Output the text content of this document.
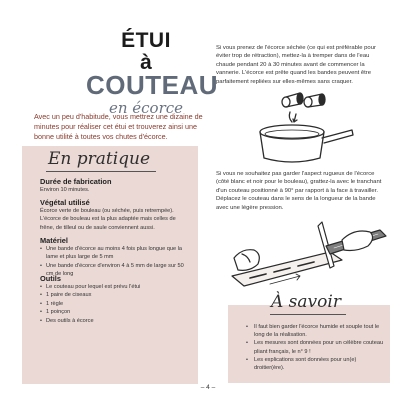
ÉTUI
à COUTEAU
en écorce
Avec un peu d'habitude, vous mettrez une dizaine de minutes pour réaliser cet étui et trouverez ainsi une bonne utilité à toutes vos chutes d'écorce.
En pratique
Durée de fabrication

Environ 10 minutes.

Végétal utilisé

Écorce verte de bouleau (ou séchée, puis retrempée). L'écorce de bouleau est la plus adaptée mais celles de frêne, de tilleul ou de saule conviennent aussi.

Matériel
• Une bande d'écorce au moins 4 fois plus longue que la lame et plus large de 5 mm
• Une bande d'écorce d'environ 4 à 5 mm de large sur 50 cm de long
Outils
• Le couteau pour lequel est prévu l'étui
• 1 paire de ciseaux
• 1 règle
• 1 poinçon
• Des outils à écorce
Si vous prenez de l'écorce séchée (ce qui est préférable pour éviter trop de rétraction), mettez-la à tremper dans de l'eau chaude pendant 20 à 30 minutes avant de commencer la vannerie. L'écorce est prête quand les bandes peuvent être parfaitement repliées sur elles-mêmes sans craquer.
Si vous ne souhaitez pas garder l'aspect rugueux de l'écorce (côté blanc et noir pour le bouleau), grattez-la avec le tranchant d'un couteau positionné à 90° par rapport à la face à travailler. Déplacez le couteau dans le sens de la longueur de la bande avec une légère pression.
À savoir
• Il faut bien garder l'écorce humide et souple tout le long de la réalisation.
• Les mesures sont données pour un célèbre couteau pliant français, le n° 9 !
• Les explications sont données pour un(e) droitier(ère).
– 4 –
